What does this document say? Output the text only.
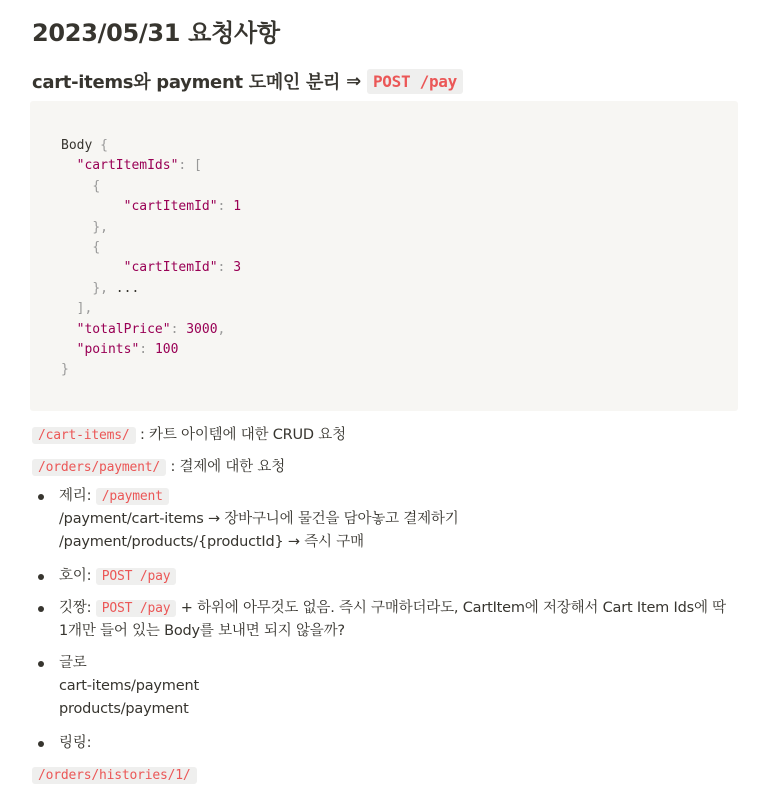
2023/05/31 요청사항
cart-items와 payment 도메인 분리 ⇒ POST /pay
Body {
"cartItemIds": [
{
"cartItemId": 1
},
{
"cartItemId": 3
}, ...
],
"totalPrice": 3000,
"points": 100
}
/cart-items/ : 카트 아이템에 대한 CRUD 요청
/orders/payment/ : 결제에 대한 요청
제리: /payment
/payment/cart-items → 장바구니에 물건을 담아놓고 결제하기
/payment/products/{productId} → 즉시 구매
호이: POST /pay
깃짱: POST /pay + 하위에 아무것도 없음. 즉시 구매하더라도, CartItem에 저장해서 Cart Item Ids에 딱
1개만 들어 있는 Body를 보내면 되지 않을까?
글로
cart-items/payment
products/payment
링링:
/orders/histories/1/
